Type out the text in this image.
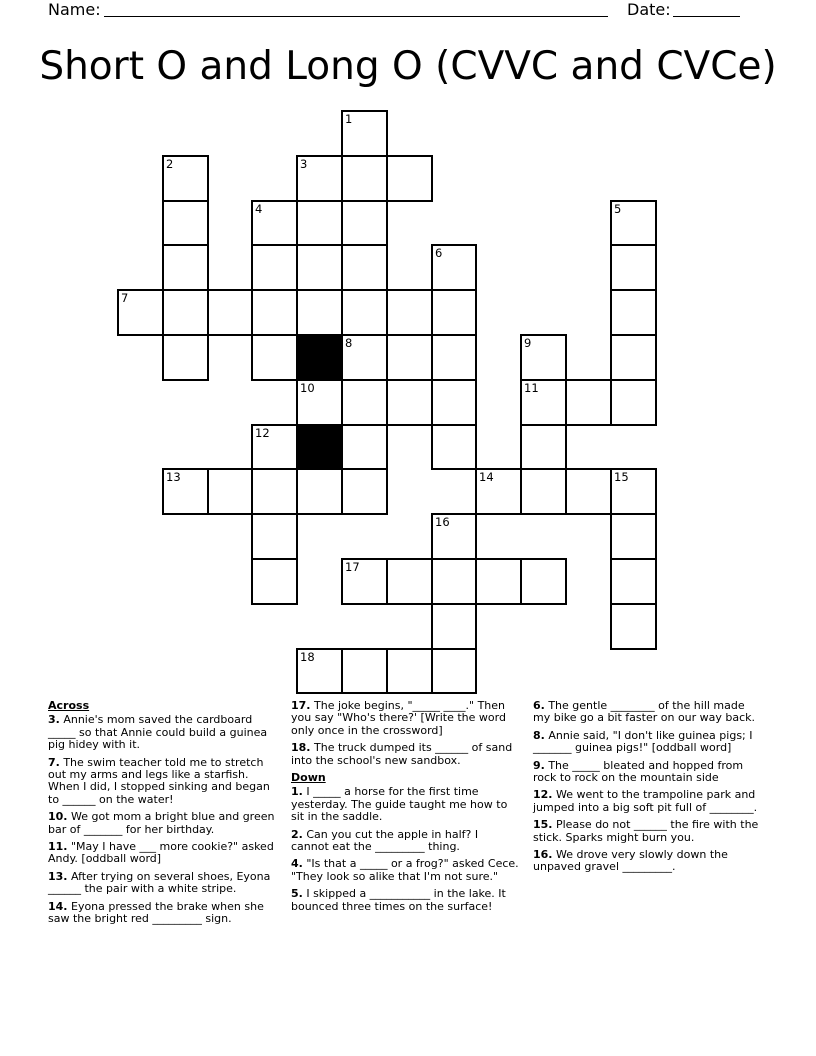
Name:	Date:
Short O and Long O (CVVC and CVCe)
1
2	3
4	5
6
7
8	9
10	11
12
13	14	15
16
17
18
Across
3. Annie's mom saved the cardboard _____ so that Annie could build a guinea pig hidey with it.
7. The swim teacher told me to stretch out my arms and legs like a starfish. When I did, I stopped sinking and began to ______ on the water!
10. We got mom a bright blue and green bar of _______ for her birthday.
11. "May I have ___ more cookie?" asked Andy. [oddball word]
13. After trying on several shoes, Eyona ______ the pair with a white stripe.
14. Eyona pressed the brake when she saw the bright red _________ sign.
17. The joke begins, "_____ ____." Then you say "Who's there?' [Write the word only once in the crossword]
18. The truck dumped its ______ of sand into the school's new sandbox.
Down
1. I _____ a horse for the first time yesterday. The guide taught me how to sit in the saddle.
2. Can you cut the apple in half? I cannot eat the _________ thing.
4. "Is that a _____ or a frog?" asked Cece. "They look so alike that I'm not sure."
5. I skipped a ___________ in the lake. It bounced three times on the surface!
6. The gentle ________ of the hill made my bike go a bit faster on our way back.
8. Annie said, "I don't like guinea pigs; I _______ guinea pigs!" [oddball word]
9. The _____ bleated and hopped from rock to rock on the mountain side
12. We went to the trampoline park and jumped into a big soft pit full of ________.
15. Please do not ______ the fire with the stick. Sparks might burn you.
16. We drove very slowly down the unpaved gravel _________.
